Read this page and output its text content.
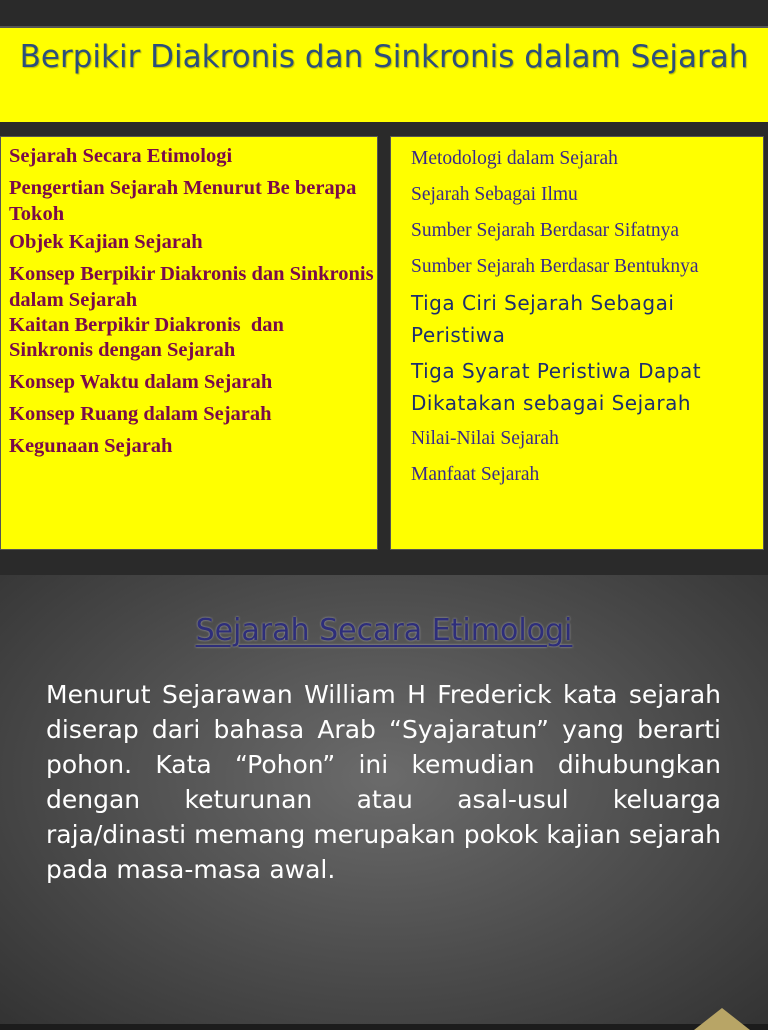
Berpikir Diakronis dan Sinkronis dalam Sejarah
Sejarah Secara Etimologi
Pengertian Sejarah Menurut Be berapa Tokoh
Objek Kajian Sejarah
Konsep Berpikir Diakronis dan Sinkronis dalam Sejarah
Kaitan Berpikir Diakronis  dan
Sinkronis dengan Sejarah
Konsep Waktu dalam Sejarah
Konsep Ruang dalam Sejarah
Kegunaan Sejarah
Metodologi dalam Sejarah
Sejarah Sebagai Ilmu
Sumber Sejarah Berdasar Sifatnya
Sumber Sejarah Berdasar Bentuknya
Tiga Ciri Sejarah Sebagai Peristiwa
Tiga Syarat Peristiwa Dapat Dikatakan sebagai Sejarah
Nilai-Nilai Sejarah
Manfaat Sejarah
Sejarah Secara Etimologi
Menurut Sejarawan William H Frederick kata sejarah diserap dari bahasa Arab “Syajaratun” yang berarti pohon. Kata “Pohon” ini kemudian dihubungkan dengan keturunan atau asal-usul keluarga raja/dinasti memang merupakan pokok kajian sejarah pada masa-masa awal.
